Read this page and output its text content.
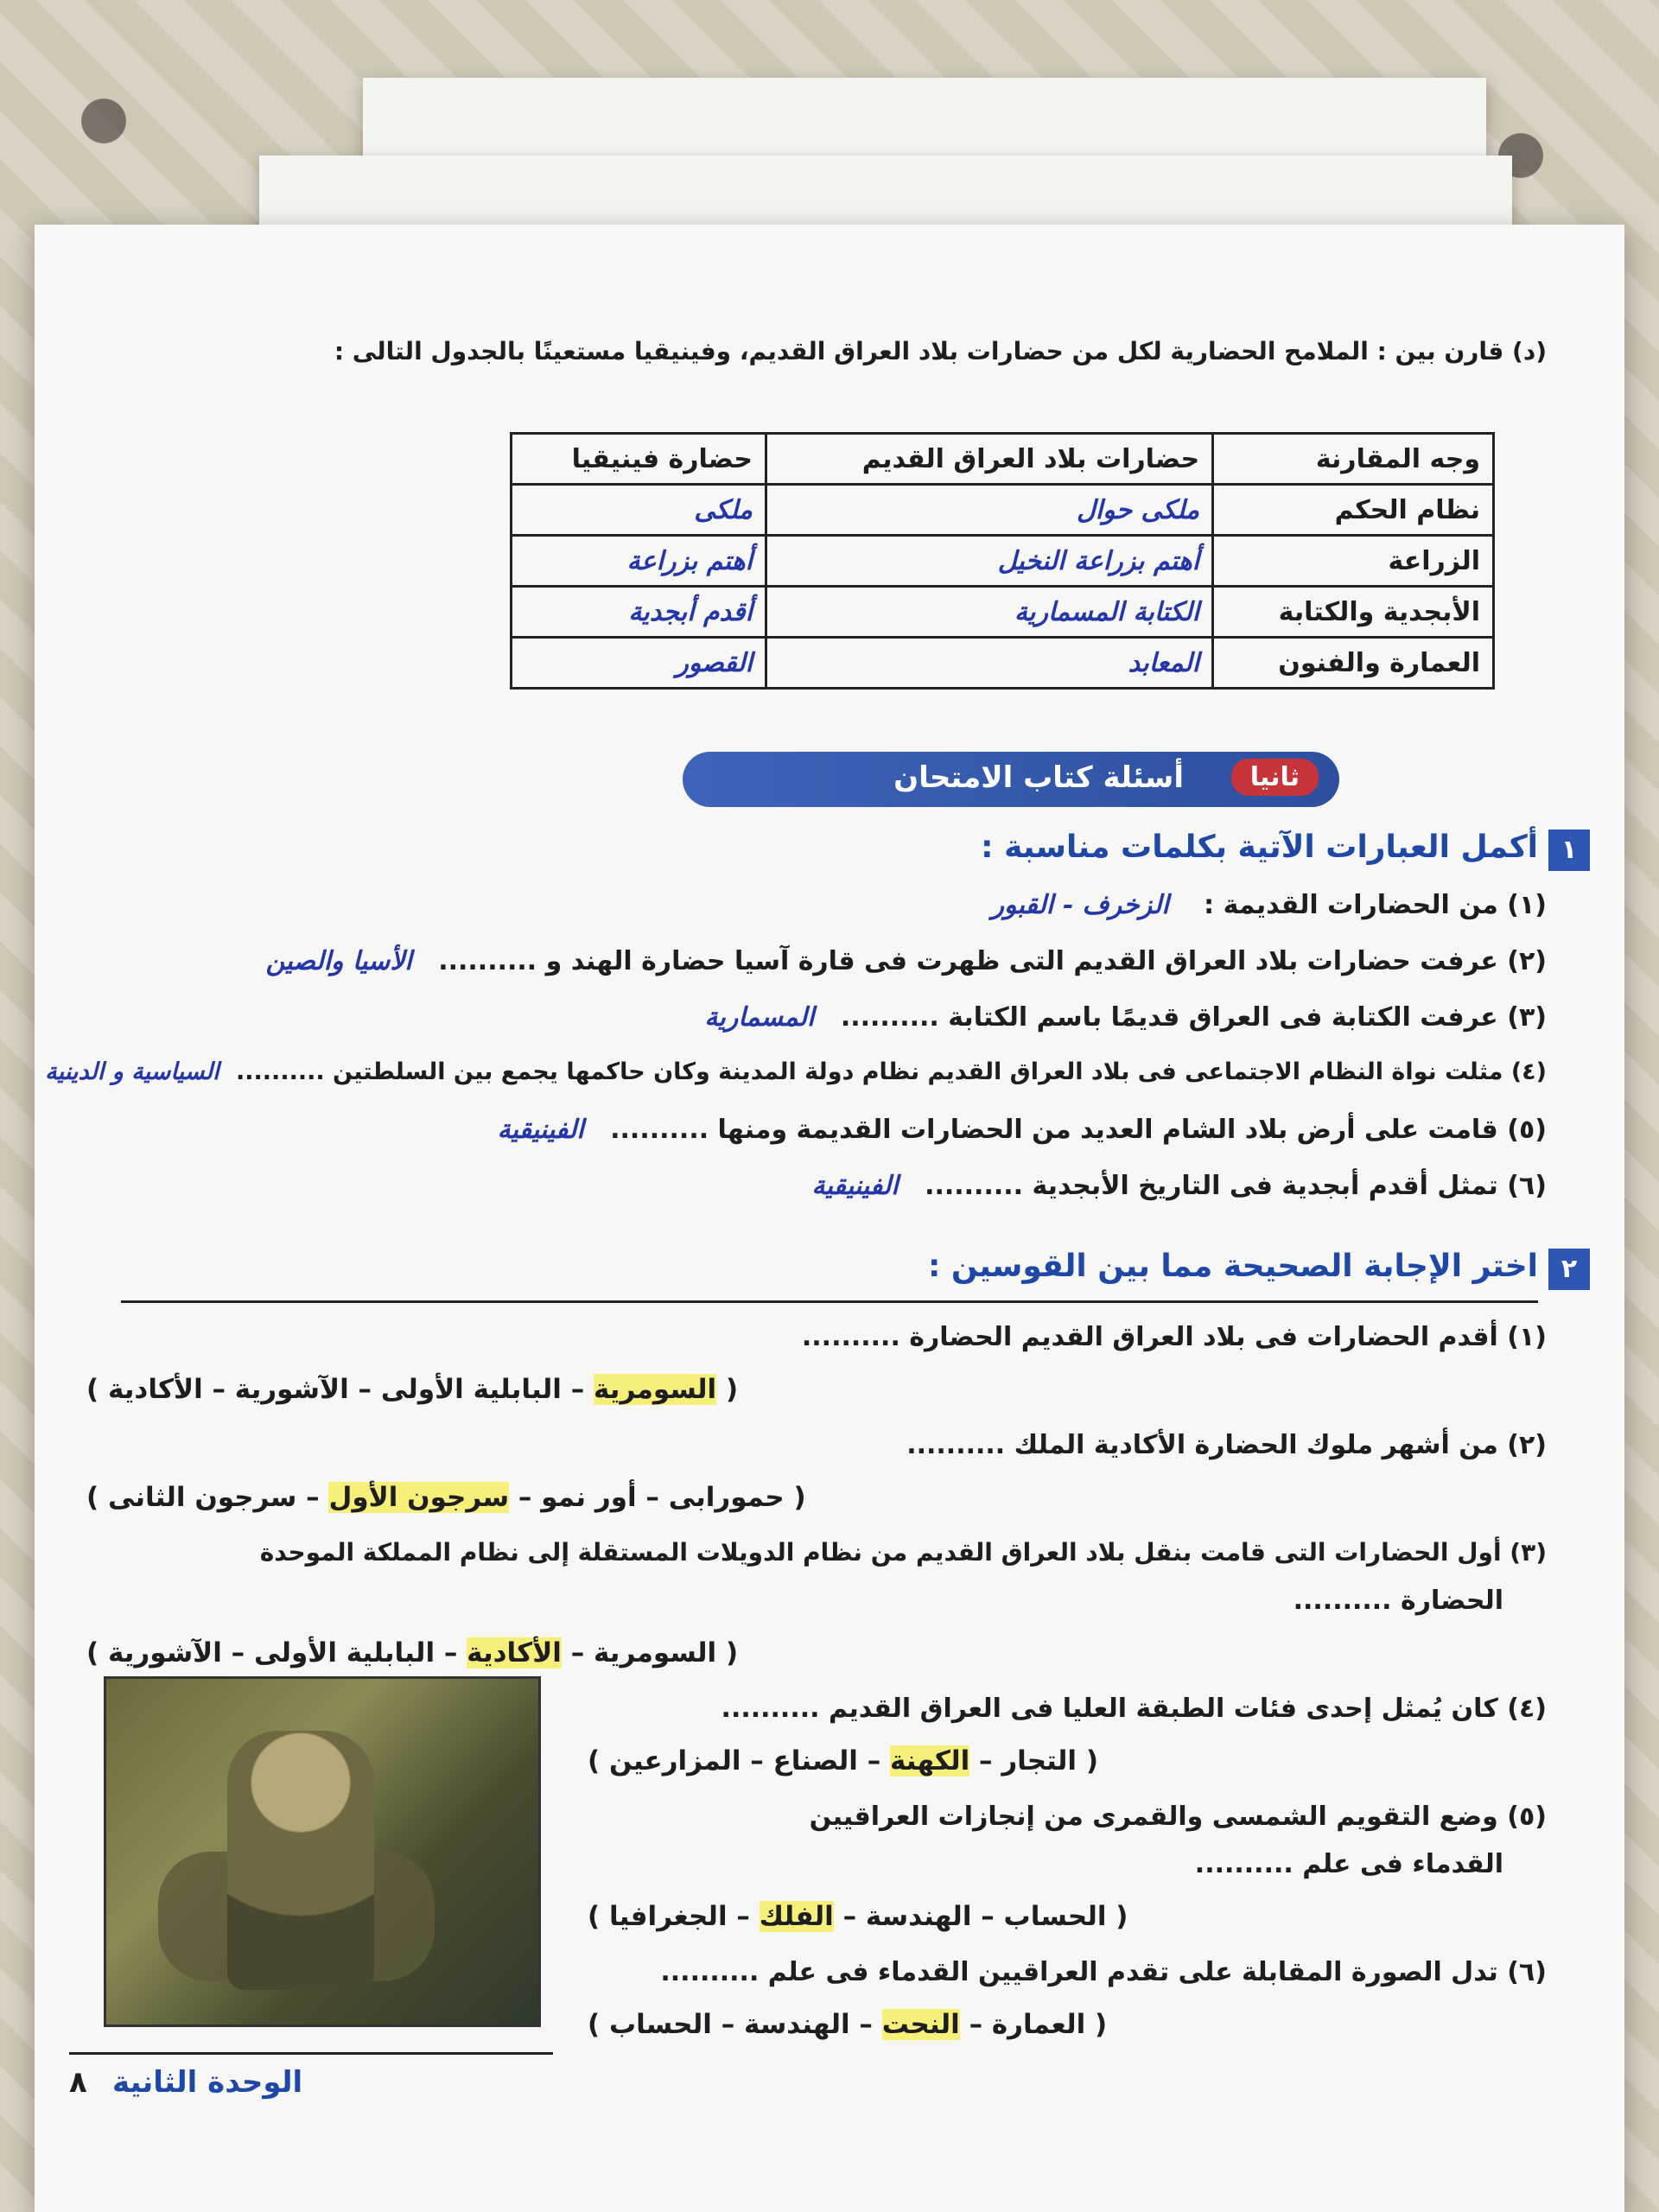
(د) قارن بين : الملامح الحضارية لكل من حضارات بلاد العراق القديم، وفينيقيا مستعينًا بالجدول التالى :
وجه المقارنة	حضارات بلاد العراق القديم	حضارة فينيقيا
نظام الحكم	ملكى حوال	ملكى
الزراعة	أهتم بزراعة النخيل	أهتم بزراعة
الأبجدية والكتابة	الكتابة المسمارية	أقدم أبجدية
العمارة والفنون	المعابد	القصور
ثانيا
أسئلة كتاب الامتحان
١
أكمل العبارات الآتية بكلمات مناسبة :
(١) من الحضارات القديمة : الزخرف - القبور
(٢) عرفت حضارات بلاد العراق القديم التى ظهرت فى قارة آسيا حضارة الهند و .......... الأسيا والصين
(٣) عرفت الكتابة فى العراق قديمًا باسم الكتابة .......... المسمارية
(٤) مثلت نواة النظام الاجتماعى فى بلاد العراق القديم نظام دولة المدينة وكان حاكمها يجمع بين السلطتين .......... السياسية و الدينية
(٥) قامت على أرض بلاد الشام العديد من الحضارات القديمة ومنها .......... الفينيقية
(٦) تمثل أقدم أبجدية فى التاريخ الأبجدية .......... الفينيقية
٢
اختر الإجابة الصحيحة مما بين القوسين :
(١) أقدم الحضارات فى بلاد العراق القديم الحضارة ..........
( السومرية – البابلية الأولى – الآشورية – الأكادية )
(٢) من أشهر ملوك الحضارة الأكادية الملك ..........
( حمورابى – أور نمو – سرجون الأول – سرجون الثانى )
(٣) أول الحضارات التى قامت بنقل بلاد العراق القديم من نظام الدويلات المستقلة إلى نظام المملكة الموحدة
الحضارة ..........
( السومرية – الأكادية – البابلية الأولى – الآشورية )
(٤) كان يُمثل إحدى فئات الطبقة العليا فى العراق القديم ..........
( التجار – الكهنة – الصناع – المزارعين )
(٥) وضع التقويم الشمسى والقمرى من إنجازات العراقيين
القدماء فى علم ..........
( الحساب – الهندسة – الفلك – الجغرافيا )
(٦) تدل الصورة المقابلة على تقدم العراقيين القدماء فى علم ..........
( العمارة – النحت – الهندسة – الحساب )
٨ الوحدة الثانية
